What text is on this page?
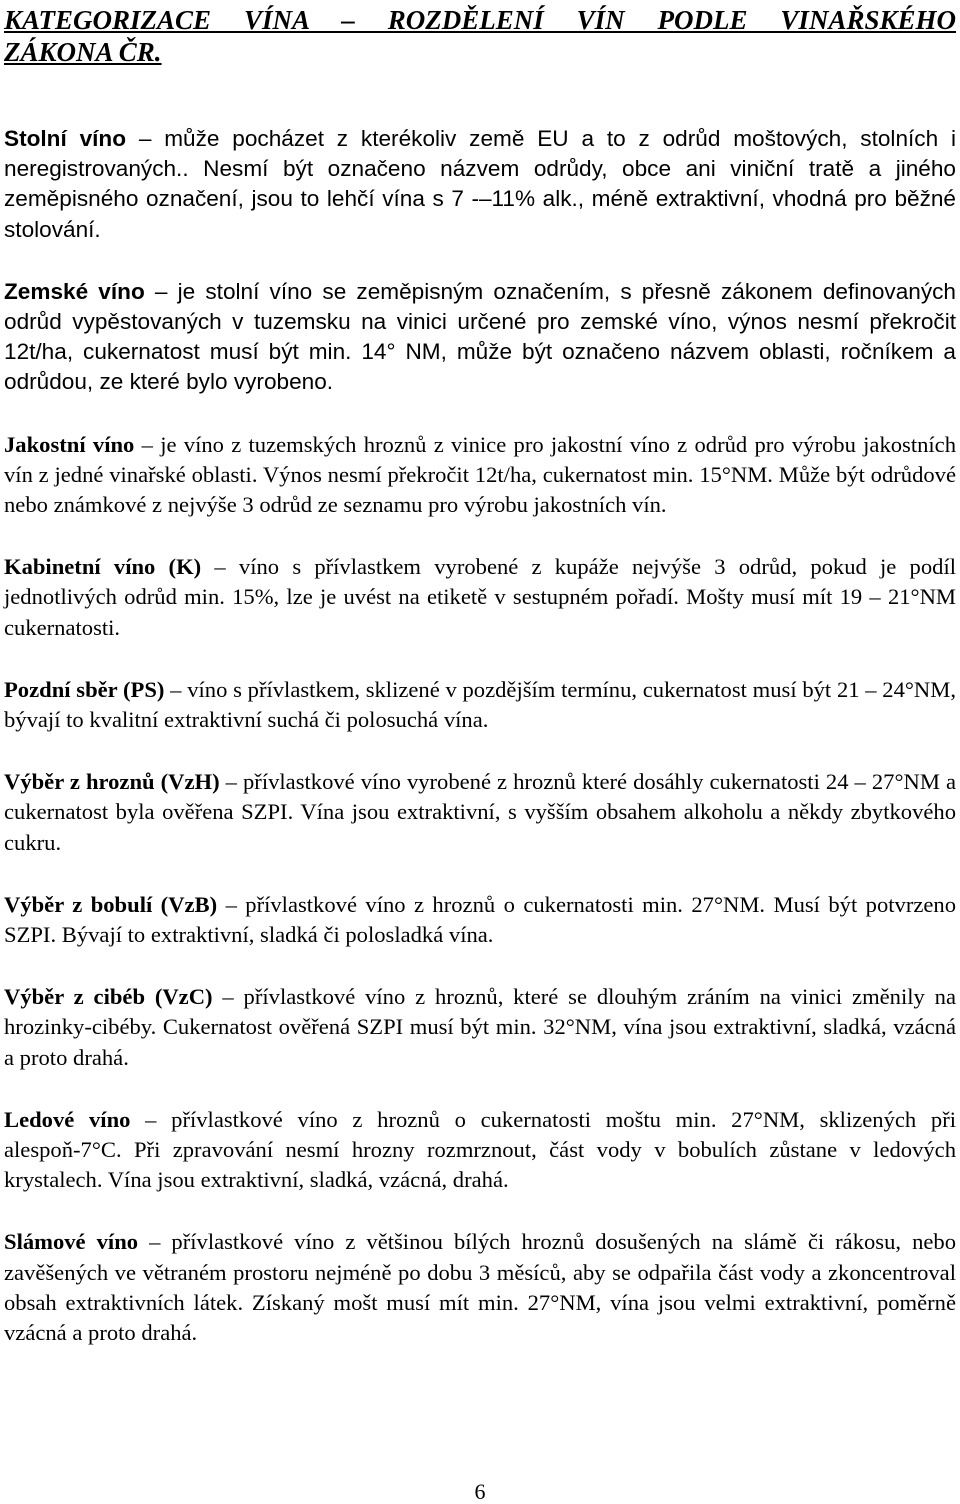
KATEGORIZACE VÍNA – ROZDĚLENÍ VÍN PODLE VINAŘSKÉHO
ZÁKONA ČR.

Stolní víno – může pocházet z kterékoliv země EU a to z odrůd moštových, stolních i neregistrovaných.. Nesmí být označeno názvem odrůdy, obce ani viniční tratě a jiného zeměpisného označení, jsou to lehčí vína s 7 -–11% alk., méně extraktivní, vhodná pro běžné stolování.

Zemské víno – je stolní víno se zeměpisným označením, s přesně zákonem definovaných odrůd vypěstovaných v tuzemsku na vinici určené pro zemské víno, výnos nesmí překročit 12t/ha, cukernatost musí být min. 14° NM, může být označeno názvem oblasti, ročníkem a odrůdou, ze které bylo vyrobeno.

Jakostní víno – je víno z tuzemských hroznů z vinice pro jakostní víno z odrůd pro výrobu jakostních vín z jedné vinařské oblasti. Výnos nesmí překročit 12t/ha, cukernatost min. 15°NM. Může být odrůdové nebo známkové z nejvýše 3 odrůd ze seznamu pro výrobu jakostních vín.

Kabinetní víno (K) – víno s přívlastkem vyrobené z kupáže nejvýše 3 odrůd, pokud je podíl jednotlivých odrůd min. 15%, lze je uvést na etiketě v sestupném pořadí. Mošty musí mít 19 – 21°NM cukernatosti.

Pozdní sběr (PS) – víno s přívlastkem, sklizené v pozdějším termínu, cukernatost musí být 21 – 24°NM, bývají to kvalitní extraktivní suchá či polosuchá vína.

Výběr z hroznů (VzH) – přívlastkové víno vyrobené z hroznů které dosáhly cukernatosti 24 – 27°NM a cukernatost byla ověřena SZPI. Vína jsou extraktivní, s vyšším obsahem alkoholu a někdy zbytkového cukru.

Výběr z bobulí (VzB) – přívlastkové víno z hroznů o cukernatosti min. 27°NM. Musí být potvrzeno SZPI. Bývají to extraktivní, sladká či polosladká vína.

Výběr z cibéb (VzC) – přívlastkové víno z hroznů, které se dlouhým zráním na vinici změnily na hrozinky-cibéby. Cukernatost ověřená SZPI musí být min. 32°NM, vína jsou extraktivní, sladká, vzácná a proto drahá.

Ledové víno – přívlastkové víno z hroznů o cukernatosti moštu min. 27°NM, sklizených při alespoň-7°C. Při zpravování nesmí hrozny rozmrznout, část vody v bobulích zůstane v ledových krystalech. Vína jsou extraktivní, sladká, vzácná, drahá.

Slámové víno – přívlastkové víno z většinou bílých hroznů dosušených na slámě či rákosu, nebo zavěšených ve větraném prostoru nejméně po dobu 3 měsíců, aby se odpařila část vody a zkoncentroval obsah extraktivních látek. Získaný mošt musí mít min. 27°NM, vína jsou velmi extraktivní, poměrně vzácná a proto drahá.

6
